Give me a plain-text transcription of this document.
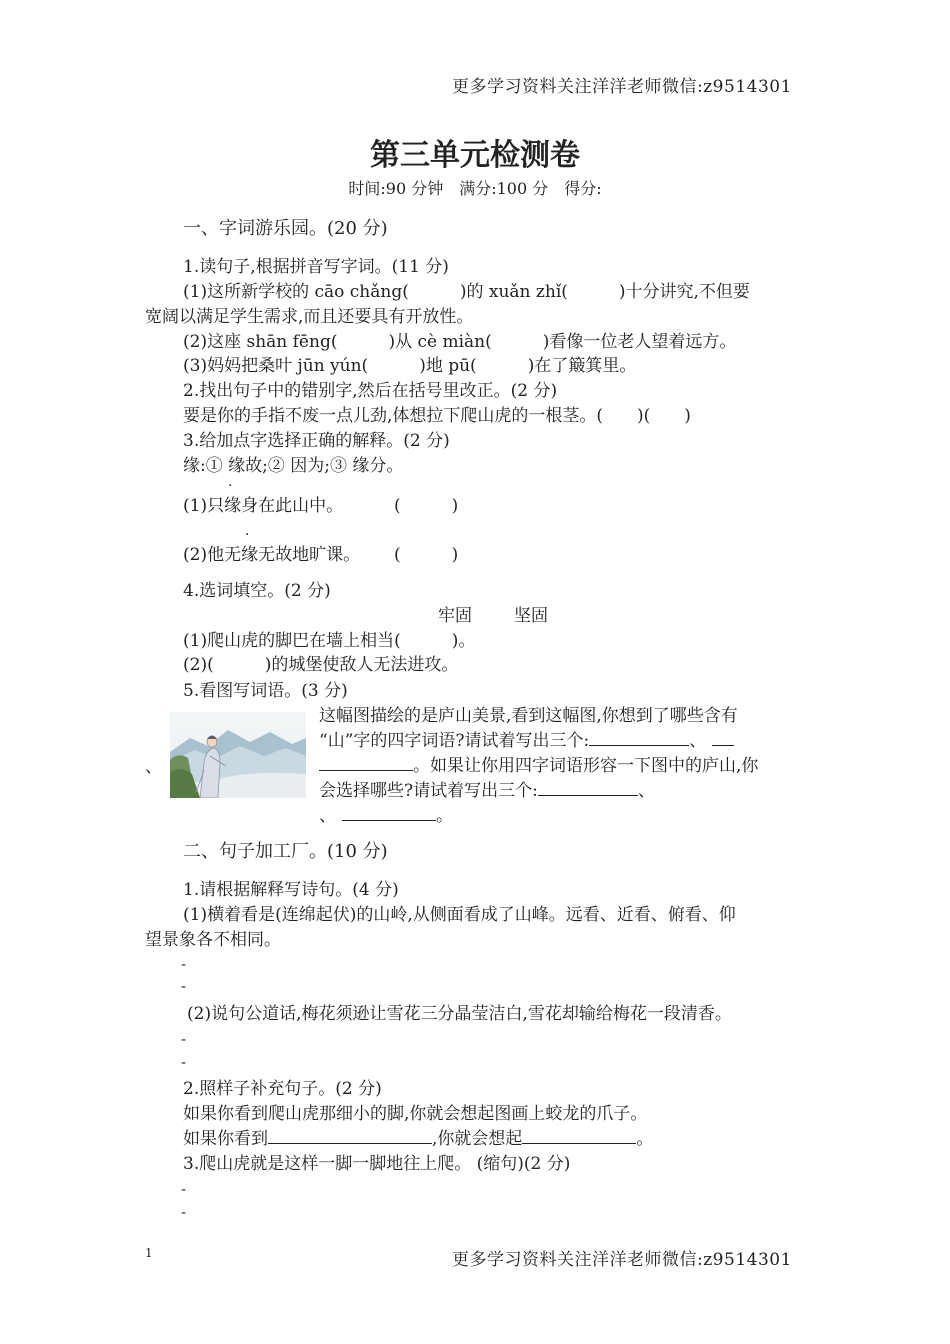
更多学习资料关注洋洋老师微信:z9514301
第三单元检测卷
时间:90 分钟　满分:100 分　得分:
一、字词游乐园。(20 分)
1.读句子,根据拼音写字词。(11 分)
(1)这所新学校的 cāo chǎng(　　　)的 xuǎn zhǐ(　　　)十分讲究,不但要
宽阔以满足学生需求,而且还要具有开放性。
(2)这座 shān fēng(　　　)从 cè miàn(　　　)看像一位老人望着远方。
(3)妈妈把桑叶 jūn yún(　　　)地 pū(　　　)在了簸箕里。
2.找出句子中的错别字,然后在括号里改正。(2 分)
要是你的手指不废一点儿劲,体想拉下爬山虎的一根茎。(　　)(　　)
3.给加点字选择正确的解释。(2 分)
缘:① 缘故;② 因为;③ 缘分。
.
(1)只缘身在此山中。	(　　　)
.
(2)他无缘无故地旷课。 (　　　)
4.选词填空。(2 分)
牢固 坚固
(1)爬山虎的脚巴在墙上相当(　　　)。
(2)(　　　)的城堡使敌人无法进攻。
5.看图写词语。(3 分)
、
这幅图描绘的是庐山美景,看到这幅图,你想到了哪些含有
“山”字的四字词语?请试着写出三个:	、
。如果让你用四字词语形容一下图中的庐山,你
会选择哪些?请试着写出三个:	、
、	。
二、句子加工厂。(10 分)
1.请根据解释写诗句。(4 分)
(1)横着看是(连绵起伏)的山岭,从侧面看成了山峰。远看、近看、俯看、仰
望景象各不相同。
-
-
(2)说句公道话,梅花须逊让雪花三分晶莹洁白,雪花却输给梅花一段清香。
-
-
2.照样子补充句子。(2 分)
如果你看到爬山虎那细小的脚,你就会想起图画上蛟龙的爪子。
如果你看到	,你就会想起	。
3.爬山虎就是这样一脚一脚地往上爬。 (缩句)(2 分)
-
-
1	更多学习资料关注洋洋老师微信:z9514301
